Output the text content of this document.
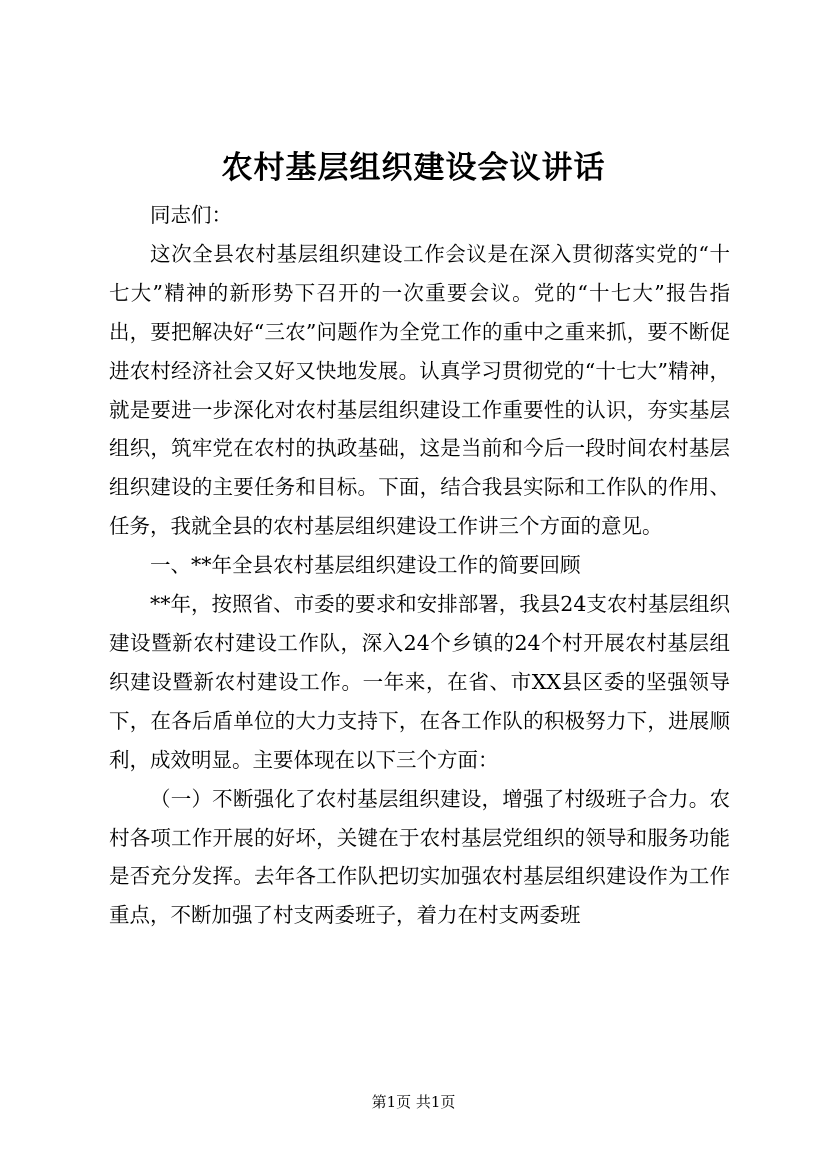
农村基层组织建设会议讲话

同志们：

这次全县农村基层组织建设工作会议是在深入贯彻落实党的“十七大”精神的新形势下召开的一次重要会议。党的“十七大”报告指出，要把解决好“三农”问题作为全党工作的重中之重来抓，要不断促进农村经济社会又好又快地发展。认真学习贯彻党的“十七大”精神，就是要进一步深化对农村基层组织建设工作重要性的认识，夯实基层组织，筑牢党在农村的执政基础，这是当前和今后一段时间农村基层组织建设的主要任务和目标。下面，结合我县实际和工作队的作用、任务，我就全县的农村基层组织建设工作讲三个方面的意见。

一、**年全县农村基层组织建设工作的简要回顾

**年，按照省、市委的要求和安排部署，我县24支农村基层组织建设暨新农村建设工作队，深入24个乡镇的24个村开展农村基层组织建设暨新农村建设工作。一年来，在省、市XX县区委的坚强领导下，在各后盾单位的大力支持下，在各工作队的积极努力下，进展顺利，成效明显。主要体现在以下三个方面：

（一）不断强化了农村基层组织建设，增强了村级班子合力。农村各项工作开展的好坏，关键在于农村基层党组织的领导和服务功能是否充分发挥。去年各工作队把切实加强农村基层组织建设作为工作重点，不断加强了村支两委班子，着力在村支两委班

第1页 共1页
